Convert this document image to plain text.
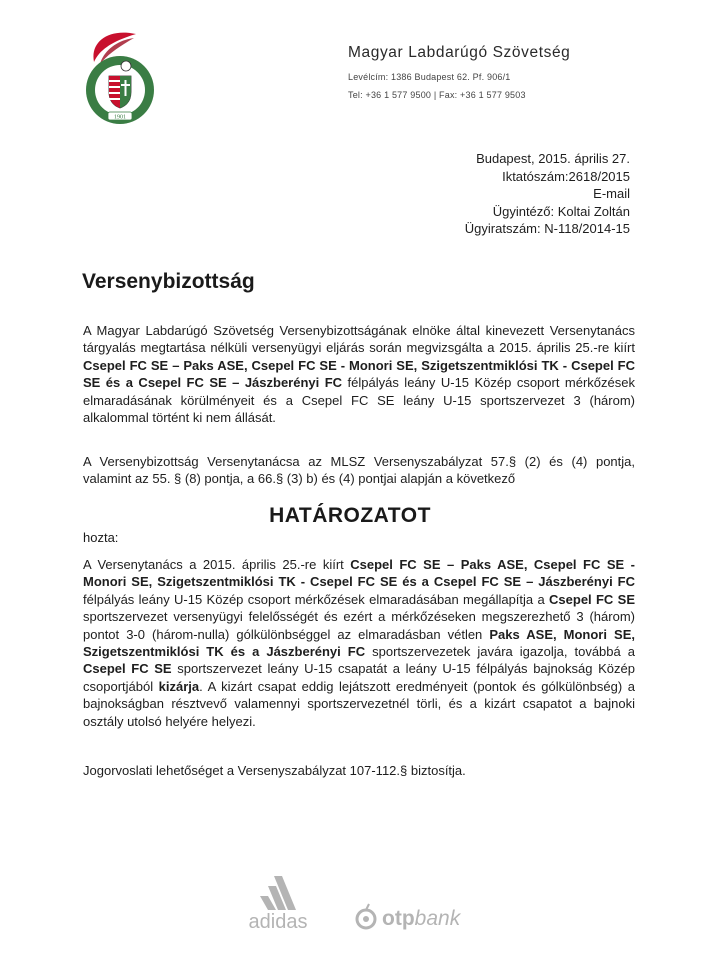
1901
Magyar Labdarúgó Szövetség
Levélcím: 1386 Budapest 62. Pf. 906/1
Tel: +36 1 577 9500 | Fax: +36 1 577 9503
Budapest, 2015. április 27.
Iktatószám:2618/2015
E-mail
Ügyintéző: Koltai Zoltán
Ügyiratszám: N-118/2014-15
Versenybizottság
A Magyar Labdarúgó Szövetség Versenybizottságának elnöke által kinevezett Versenytanács tárgyalás megtartása nélküli versenyügyi eljárás során megvizsgálta a 2015. április 25.-re kiírt Csepel FC SE – Paks ASE, Csepel FC SE - Monori SE, Szigetszentmiklósi TK - Csepel FC SE és a Csepel FC SE – Jászberényi FC félpályás leány U-15 Közép csoport mérkőzések elmaradásának körülményeit és a Csepel FC SE leány U-15 sportszervezet 3 (három) alkalommal történt ki nem állását.
A Versenybizottság Versenytanácsa az MLSZ Versenyszabályzat 57.§ (2) és (4) pontja, valamint az 55. § (8) pontja, a 66.§ (3) b) és (4) pontjai alapján a következő
HATÁROZATOT
hozta:
A Versenytanács a 2015. április 25.-re kiírt Csepel FC SE – Paks ASE, Csepel FC SE - Monori SE, Szigetszentmiklósi TK - Csepel FC SE és a Csepel FC SE – Jászberényi FC félpályás leány U-15 Közép csoport mérkőzések elmaradásában megállapítja a Csepel FC SE sportszervezet versenyügyi felelősségét és ezért a mérkőzéseken megszerezhető 3 (három) pontot 3-0 (három-nulla) gólkülönbséggel az elmaradásban vétlen Paks ASE, Monori SE, Szigetszentmiklósi TK és a Jászberényi FC sportszervezetek javára igazolja, továbbá a Csepel FC SE sportszervezet leány U-15 csapatát a leány U-15 félpályás bajnokság Közép csoportjából kizárja. A kizárt csapat eddig lejátszott eredményeit (pontok és gólkülönbség) a bajnokságban résztvevő valamennyi sportszervezetnél törli, és a kizárt csapatot a bajnoki osztály utolsó helyére helyezi.
Jogorvoslati lehetőséget a Versenyszabályzat 107-112.§ biztosítja.
adidas	otpbank
